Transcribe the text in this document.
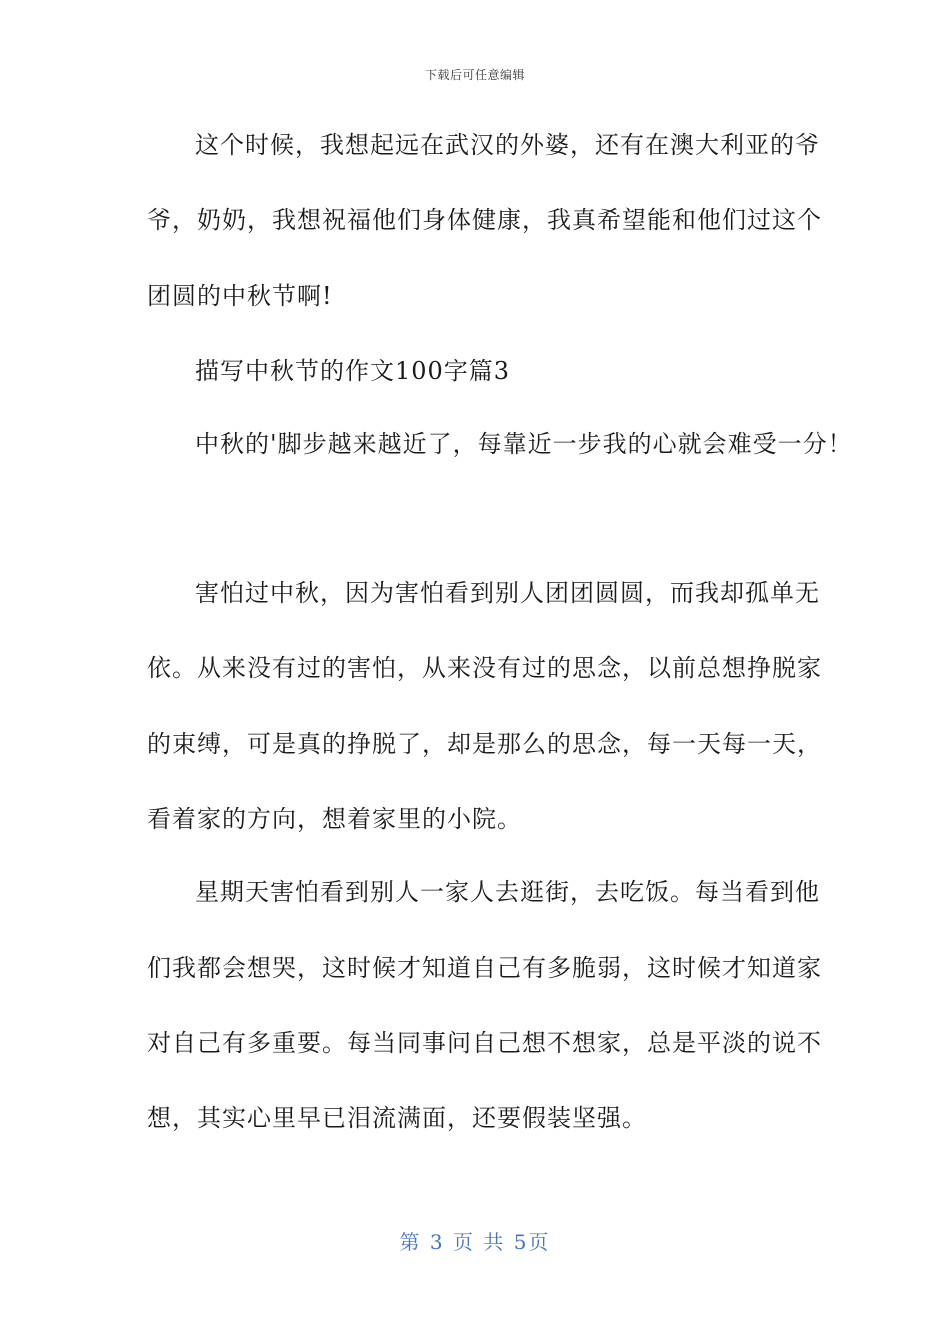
下载后可任意编辑
这个时候，我想起远在武汉的外婆，还有在澳大利亚的爷
爷，奶奶，我想祝福他们身体健康，我真希望能和他们过这个
团圆的中秋节啊!
描写中秋节的作文100字篇3
中秋的'脚步越来越近了，每靠近一步我的心就会难受一分！
害怕过中秋，因为害怕看到别人团团圆圆，而我却孤单无
依。从来没有过的害怕，从来没有过的思念，以前总想挣脱家
的束缚，可是真的挣脱了，却是那么的思念，每一天每一天，
看着家的方向，想着家里的小院。
星期天害怕看到别人一家人去逛街，去吃饭。每当看到他
们我都会想哭，这时候才知道自己有多脆弱，这时候才知道家
对自己有多重要。每当同事问自己想不想家，总是平淡的说不
想，其实心里早已泪流满面，还要假装坚强。
第 3 页 共 5页
